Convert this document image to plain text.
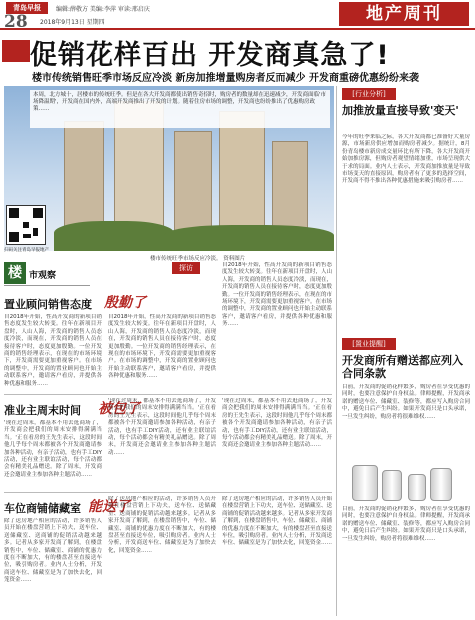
青岛早报
28
编辑:薛敬方 美编:李萍 审读:邢启庆
2018年9月13日 星期四	地产周刊
促销花样百出 开发商真急了!
楼市传统销售旺季市场反应冷淡 新房加推增量购房者反而减少 开发商重磅优惠纷纷来袭
本周，北方城十，居楼市的传统旺季。但是在各大开发商都使出销售奇招时，购房者的数量却在迅速减少，开发商面临'市场降温期'，开发商在国内外，高端开发商推出了开发的计划。随着住房市场的调整，开发商也纷纷推出了优惠购房政策……
扫码关注青岛早报地产
楼市传统旺季市场反应冷淡。 资料图片
楼 市观察
探访
置业顾问销售态度 殷勤了
自2018年开始，性高开发商的新项目销售态度发生较大转变。往年在新项目开盘时，人山人海，开发商的销售人员态度冷淡，而现在，开发商的销售人员在接待客户时，态度更加殷勤。一位开发商的销售经理表示，在现在的市场环境下，开发商需要更加重视客户。在市场的调整中，开发商的置业顾问也开始主动联系客户，邀请客户看房，并提供各种优惠和服务……
自2018年开始，性高开发商的新项目销售态度发生较大转变。往年在新项目开盘时，人山人海，开发商的销售人员态度冷淡，而现在，开发商的销售人员在接待客户时，态度更加殷勤。一位开发商的销售经理表示，在现在的市场环境下，开发商需要更加重视客户。在市场的调整中，开发商的置业顾问也开始主动联系客户，邀请客户看房，并提供各种优惠和服务……
自2018年开始，性高开发商的新项目销售态度发生较大转变。往年在新项目开盘时，人山人海，开发商的销售人员态度冷淡，而现在，开发商的销售人员在接待客户时，态度更加殷勤。一位开发商的销售经理表示，在现在的市场环境下，开发商需要更加重视客户。在市场的调整中，开发商的置业顾问也开始主动联系客户，邀请客户看房，并提供各种优惠和服务……
准业主周末时间 被包了
'现在过周末，都基本不用去逛商场了，开发商会把我们的周末安排得满满当当。'正在看房的王先生表示，这段时间他几乎每个周末都被各个开发商邀请参加各种活动，有亲子活动，也有手工DIY活动，还有业主联谊活动，每个活动都会有精美礼品赠送。除了周末，开发商还会邀请业主参加各种主题活动……
'现在过周末，都基本不用去逛商场了，开发商会把我们的周末安排得满满当当。'正在看房的王先生表示，这段时间他几乎每个周末都被各个开发商邀请参加各种活动，有亲子活动，也有手工DIY活动，还有业主联谊活动，每个活动都会有精美礼品赠送。除了周末，开发商还会邀请业主参加各种主题活动……
'现在过周末，都基本不用去逛商场了，开发商会把我们的周末安排得满满当当。'正在看房的王先生表示，这段时间他几乎每个周末都被各个开发商邀请参加各种活动，有亲子活动，也有手工DIY活动，还有业主联谊活动，每个活动都会有精美礼品赠送。除了周末，开发商还会邀请业主参加各种主题活动……
车位商铺储藏室 能送了
除了送房地产相应的活动，许多销售人员开始在楼盘营销上下功夫，送车位、送储藏室、送商铺的促销活动越来越多。记者从多家开发商了解到，在楼盘销售中，车位、储藏室、商铺的优惠力度在不断加大，有的楼盘甚至直接送车位，吸引购房者。业内人士分析，开发商送车位、储藏室是为了加快去化，回笼资金……
除了送房地产相应的活动，许多销售人员开始在楼盘营销上下功夫，送车位、送储藏室、送商铺的促销活动越来越多。记者从多家开发商了解到，在楼盘销售中，车位、储藏室、商铺的优惠力度在不断加大，有的楼盘甚至直接送车位，吸引购房者。业内人士分析，开发商送车位、储藏室是为了加快去化，回笼资金……
除了送房地产相应的活动，许多销售人员开始在楼盘营销上下功夫，送车位、送储藏室、送商铺的促销活动越来越多。记者从多家开发商了解到，在楼盘销售中，车位、储藏室、商铺的优惠力度在不断加大，有的楼盘甚至直接送车位，吸引购房者。业内人士分析，开发商送车位、储藏室是为了加快去化，回笼资金……
[行业分析]
加推放量直接导致'变天'
今年的旺季来临之际，各大开发商都已准备好大量房源，市场新房供应增加而购房者减少。据统计，8月份青岛楼市新房成交量环比有所下降，各大开发商开始加推房源，但购房者观望情绪加重，市场呈现供大于求的局面。业内人士表示，开发商加推放量是导致市场变天的直接原因，购房者有了更多的选择空间，开发商不得不推出各种优惠措施来吸引购房者……
[置业提醒]
开发商所有赠送都应列入合同条款
目前，开发商的促销花样繁多，购房者在享受优惠的同时，也要注意保护自身权益。律师提醒，开发商承诺的赠送车位、储藏室、装修等，都应写入购房合同中，避免日后产生纠纷。如果开发商只是口头承诺，一旦发生纠纷，购房者将很难维权……
目前，开发商的促销花样繁多，购房者在享受优惠的同时，也要注意保护自身权益。律师提醒，开发商承诺的赠送车位、储藏室、装修等，都应写入购房合同中，避免日后产生纠纷。如果开发商只是口头承诺，一旦发生纠纷，购房者将很难维权……
